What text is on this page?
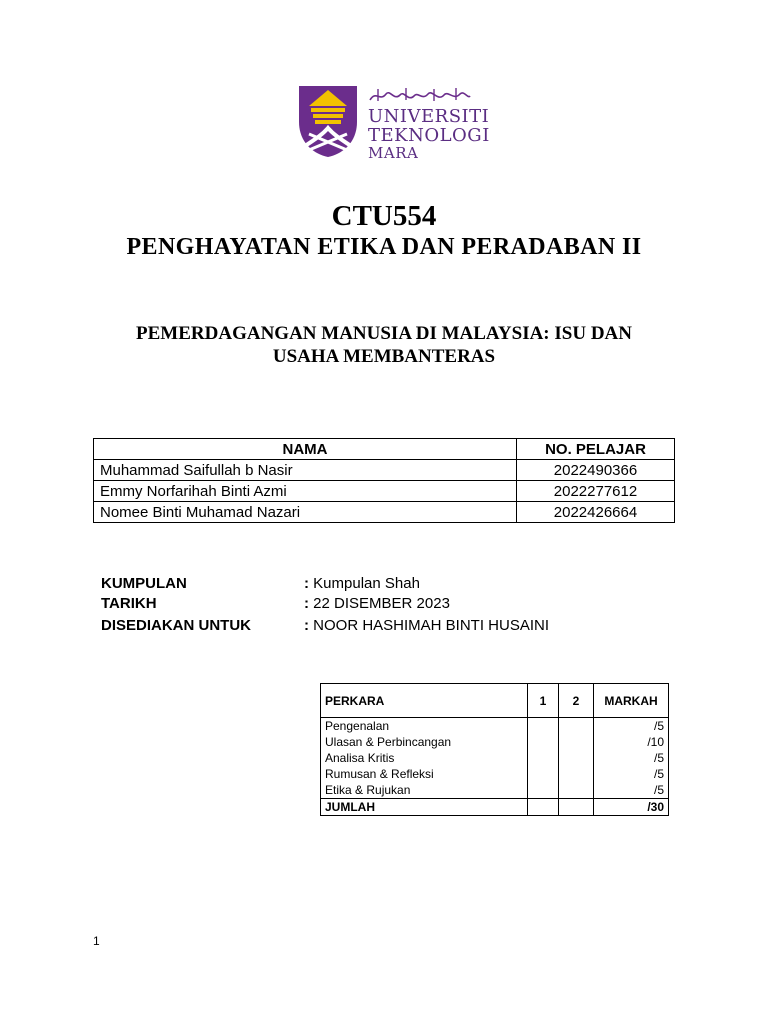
UNIVERSITI
TEKNOLOGI
MARA
CTU554
PENGHAYATAN ETIKA DAN PERADABAN II
PEMERDAGANGAN MANUSIA DI MALAYSIA: ISU DAN
USAHA MEMBANTERAS
NAMA	NO. PELAJAR
Muhammad Saifullah b Nasir	2022490366
Emmy Norfarihah Binti Azmi	2022277612
Nomee Binti Muhamad Nazari	2022426664
KUMPULAN	: Kumpulan Shah
TARIKH	: 22 DISEMBER 2023
DISEDIAKAN UNTUK	: NOOR HASHIMAH BINTI HUSAINI
PERKARA	1	2	MARKAH
Pengenalan			/5
Ulasan & Perbincangan			/10
Analisa Kritis			/5
Rumusan & Refleksi			/5
Etika & Rujukan			/5
JUMLAH			/30
1
